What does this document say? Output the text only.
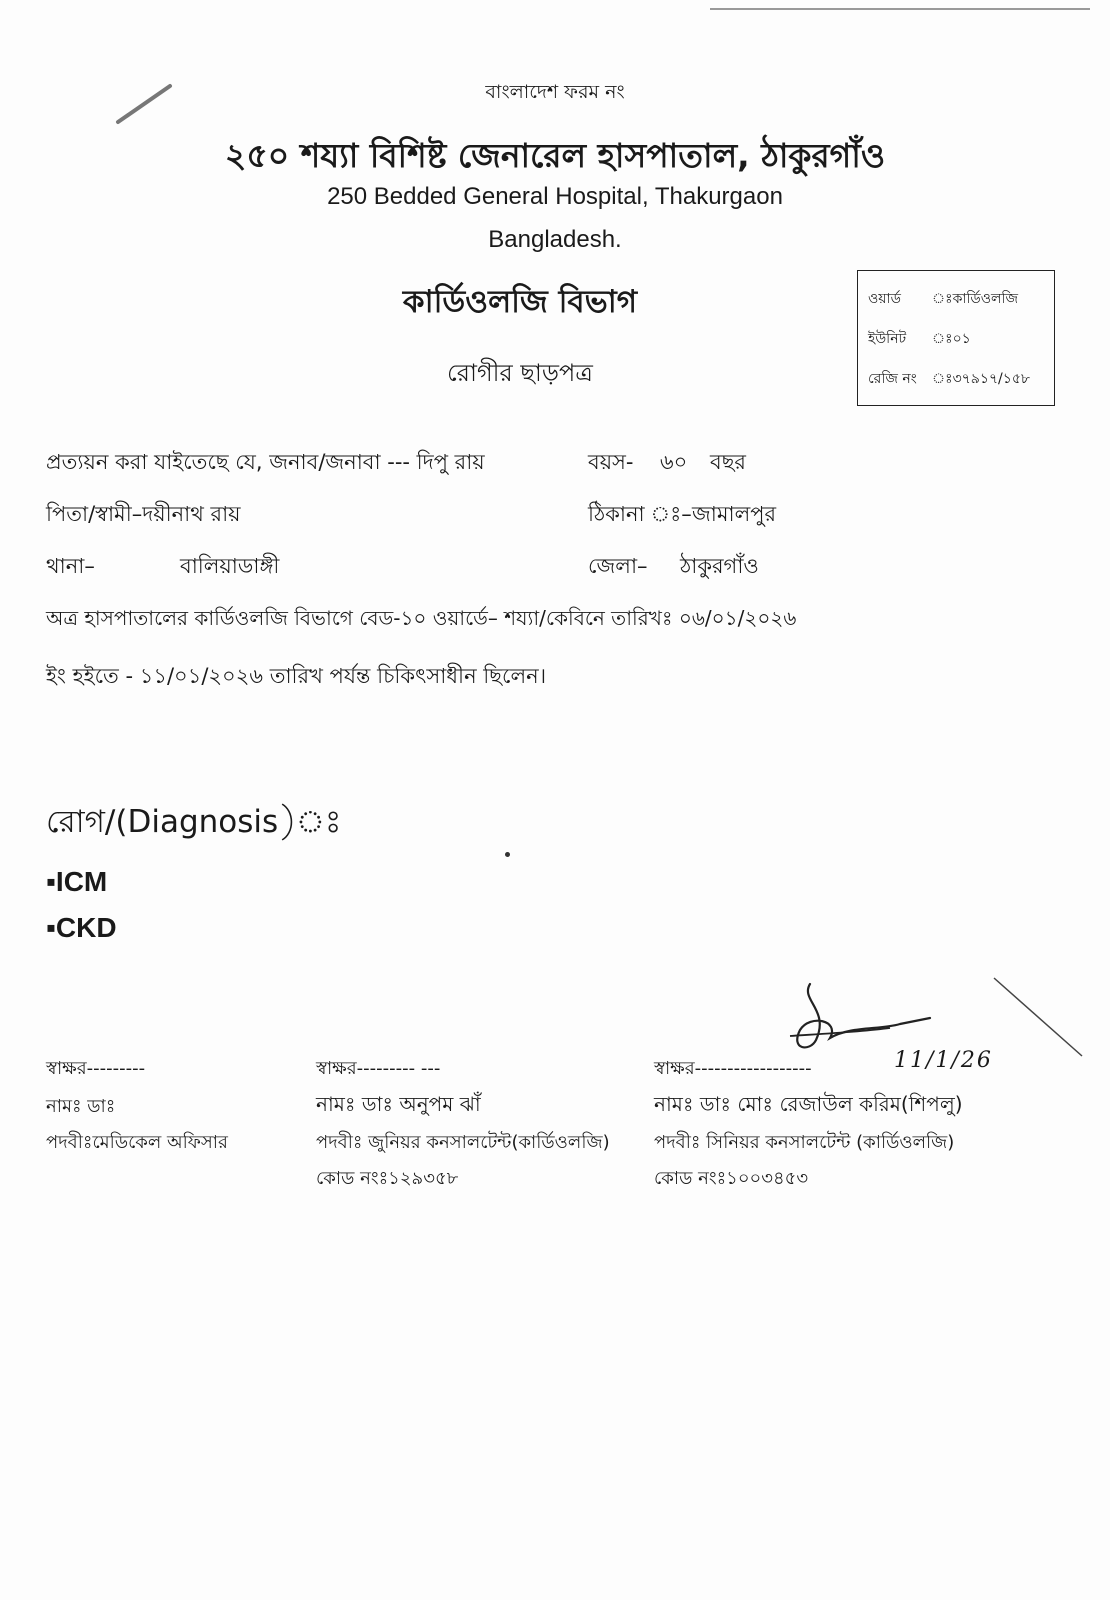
বাংলাদেশ ফরম নং
২৫০ শয্যা বিশিষ্ট জেনারেল হাসপাতাল, ঠাকুরগাঁও
250 Bedded General Hospital, Thakurgaon
Bangladesh.
কার্ডিওলজি বিভাগ
রোগীর ছাড়পত্র
ওয়ার্ড	ঃকার্ডিওলজি
ইউনিট	ঃ০১
রেজি নং	ঃ৩৭৯১৭/১৫৮
প্রত্যয়ন করা যাইতেছে যে, জনাব/জনাবা --- দিপু রায়	বয়স- ৬০ বছর
পিতা/স্বামী–দয়ীনাথ রায়	ঠিকানা ঃ– জামালপুর
থানা–	বালিয়াডাঙ্গী	জেলা– ঠাকুরগাঁও
অত্র হাসপাতালের কার্ডিওলজি বিভাগে বেড-১০ ওয়ার্ডে– শয্যা/কেবিনে তারিখঃ ০৬/০১/২০২৬
ইং হইতে - ১১/০১/২০২৬ তারিখ পর্যন্ত চিকিৎসাধীন ছিলেন।
রোগ/(Diagnosis)ঃ
▪ICM
▪CKD
স্বাক্ষর---------
নামঃ ডাঃ
পদবীঃমেডিকেল অফিসার
স্বাক্ষর--------- ---
নামঃ ডাঃ অনুপম ঝাঁ
পদবীঃ জুনিয়র কনসালটেন্ট(কার্ডিওলজি)
কোড নংঃ১২৯৩৫৮
স্বাক্ষর------------------
নামঃ ডাঃ মোঃ রেজাউল করিম(শিপলু)
পদবীঃ সিনিয়র কনসালটেন্ট (কার্ডিওলজি)
কোড নংঃ১০০৩৪৫৩
11/1/26
